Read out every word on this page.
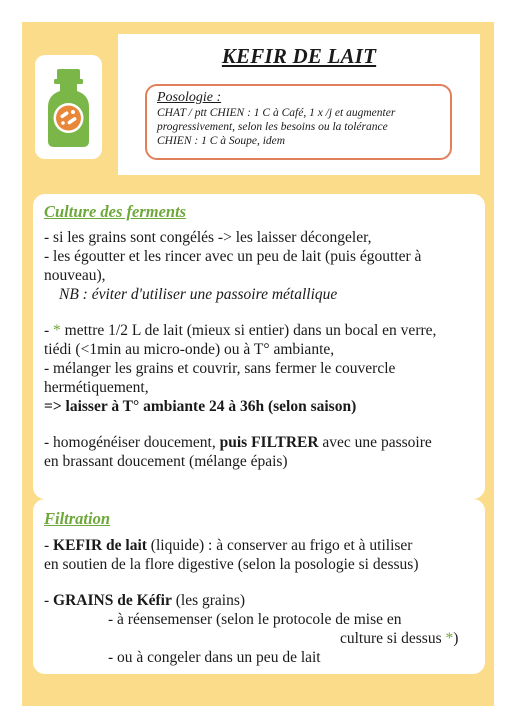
KEFIR DE LAIT
Posologie :
CHAT / ptt CHIEN : 1 C à Café, 1 x /j et augmenter
progressivement, selon les besoins ou la tolérance
CHIEN : 1 C à Soupe, idem
Culture des ferments
- si les grains sont congélés -> les laisser décongeler,
- les égoutter et les rincer avec un peu de lait (puis égoutter à
nouveau),
NB : éviter d'utiliser une passoire métallique
- * mettre 1/2 L de lait (mieux si entier) dans un bocal en verre,
tiédi (<1min au micro-onde) ou à T° ambiante,
- mélanger les grains et couvrir, sans fermer le couvercle
hermétiquement,
=> laisser à T° ambiante 24 à 36h (selon saison)
- homogénéiser doucement, puis FILTRER avec une passoire
en brassant doucement (mélange épais)
Filtration
- KEFIR de lait (liquide) : à conserver au frigo et à utiliser
en soutien de la flore digestive (selon la posologie si dessus)
- GRAINS de Kéfir (les grains)
- à réensemenser (selon le protocole de mise en
culture si dessus *)
- ou à congeler dans un peu de lait
